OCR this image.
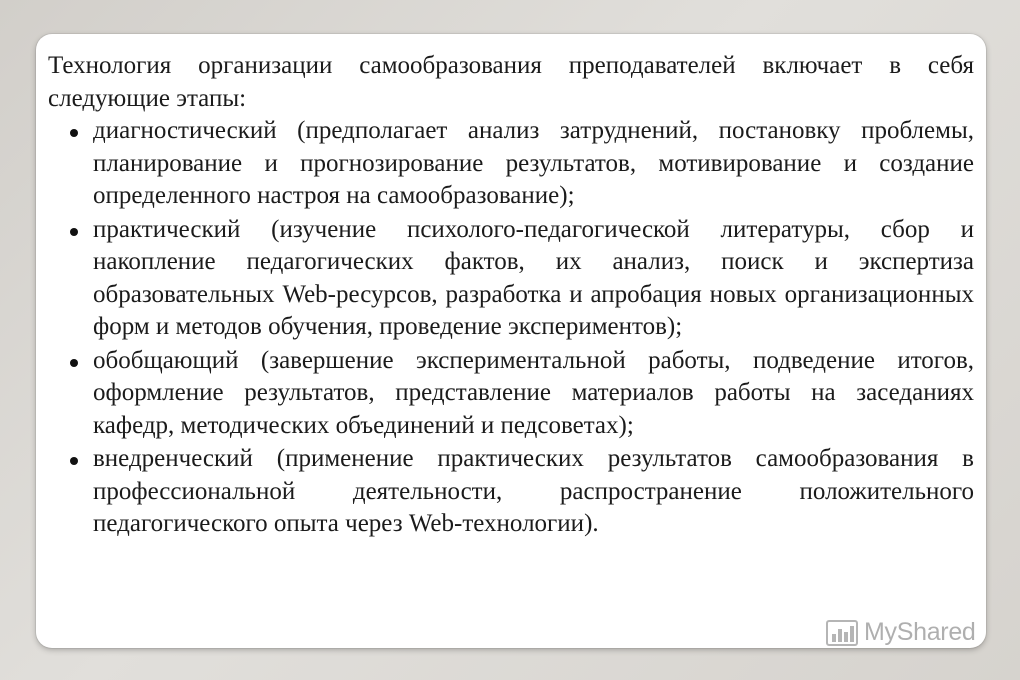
Технология организации самообразования преподавателей включает в себя следующие этапы:

диагностический (предполагает анализ затруднений, постановку проблемы, планирование и прогнозирование результатов, мотивирование и создание определенного настроя на самообразование);
практический (изучение психолого-педагогической литературы, сбор и накопление педагогических фактов, их анализ, поиск и экспертиза образовательных Web-ресурсов, разработка и апробация новых организационных форм и методов обучения, проведение экспериментов);
обобщающий (завершение экспериментальной работы, подведение итогов, оформление результатов, представление материалов работы на заседаниях кафедр, методических объединений и педсоветах);
внедренческий (применение практических результатов самообразования в профессиональной деятельности, распространение положительного педагогического опыта через Web-технологии).
MyShared
